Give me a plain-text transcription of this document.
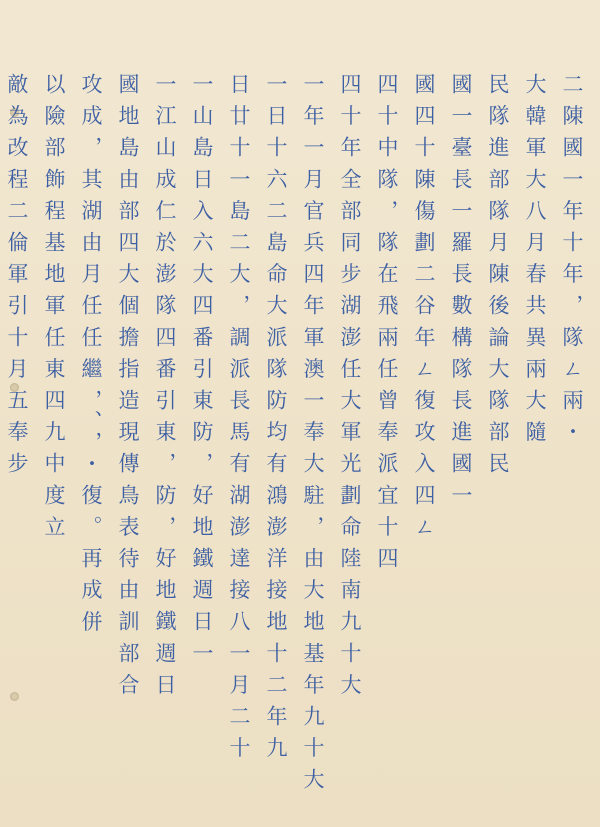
二陳國一年十年，隊ㄥ兩・
大韓軍大八月春共異兩大隨
民隊進部隊月陳後論大隊部民
國一臺長一羅長數構隊長進國一
國四十陳傷劃二谷年ㄥ復攻入四ㄥ
四十中隊，隊在飛兩任曾奉派宜十四
四十年全部同步湖澎任大軍光劃命陸南九十大
一年一月官兵四年軍澳一奉大駐，由大地基年九十大
一日十六二島命大派隊防均有鴻澎洋接地十二年九
日廿十一島二大，調派長馬有湖澎達接八一月二十
一山島日入六大四番引東防，好地鐵週日一
一江山成仁於澎隊四番引東，防，好地鐵週日
國地島由部四大個擔指造現傳鳥表待由訓部合
攻成，其湖由月任任繼，、，・復。再成併
以險部飾程基地軍任東四九中度立
敵為改程二倫軍引十月五奉步
